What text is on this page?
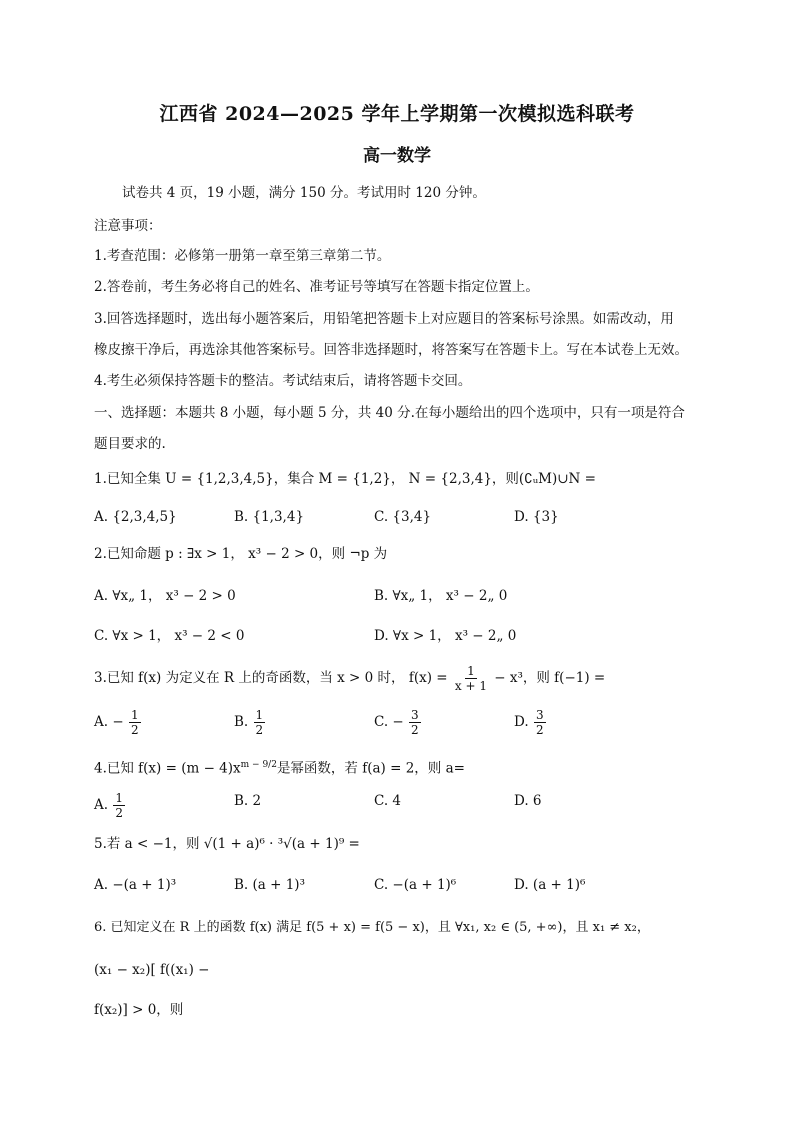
江西省 2024—2025 学年上学期第一次模拟选科联考
高一数学
试卷共 4 页，19 小题，满分 150 分。考试用时 120 分钟。
注意事项：
1.考查范围：必修第一册第一章至第三章第二节。
2.答卷前，考生务必将自己的姓名、准考证号等填写在答题卡指定位置上。
3.回答选择题时，选出每小题答案后，用铅笔把答题卡上对应题目的答案标号涂黑。如需改动，用
橡皮擦干净后，再选涂其他答案标号。回答非选择题时，将答案写在答题卡上。写在本试卷上无效。
4.考生必须保持答题卡的整洁。考试结束后，请将答题卡交回。
一、选择题：本题共 8 小题，每小题 5 分，共 40 分.在每小题给出的四个选项中，只有一项是符合
题目要求的.
1.已知全集 U = {1,2,3,4,5}，集合 M = {1,2}， N = {2,3,4}，则(∁ᵤM)∪N =
A. {2,3,4,5}	B. {1,3,4}	C. {3,4}	D. {3}
2.已知命题 p : ∃x > 1， x³ − 2 > 0，则 ¬p 为
A. ∀x„ 1， x³ − 2 > 0	B. ∀x„ 1， x³ − 2„ 0
C. ∀x > 1， x³ − 2 < 0	D. ∀x > 1， x³ − 2„ 0
3.已知 f(x) 为定义在 R 上的奇函数，当 x > 0 时， $f(x) = \frac{1}{x + 1} - x^3$，则 f(−1) =
A. − $\frac{1}{2}$	B. $\frac{1}{2}$	C. − $\frac{3}{2}$	D. $\frac{3}{2}$
4.已知 $f(x) = (m - 4)x^{m - 9/2}$是幂函数，若 f(a) = 2，则 a=
A. $\frac{1}{2}$	B. 2	C. 4	D. 6
5.若 a < −1，则 √(1 + a)⁶ · ³√(a + 1)⁹ =
A. −(a + 1)³	B. (a + 1)³	C. −(a + 1)⁶	D. (a + 1)⁶
6. 已知定义在 R 上的函数 f(x) 满足 f(5 + x) = f(5 − x)，且 ∀x₁, x₂ ∈ (5, +∞)，且 x₁ ≠ x₂，
(x₁ − x₂)[ f((x₁) −
f(x₂)] > 0，则
